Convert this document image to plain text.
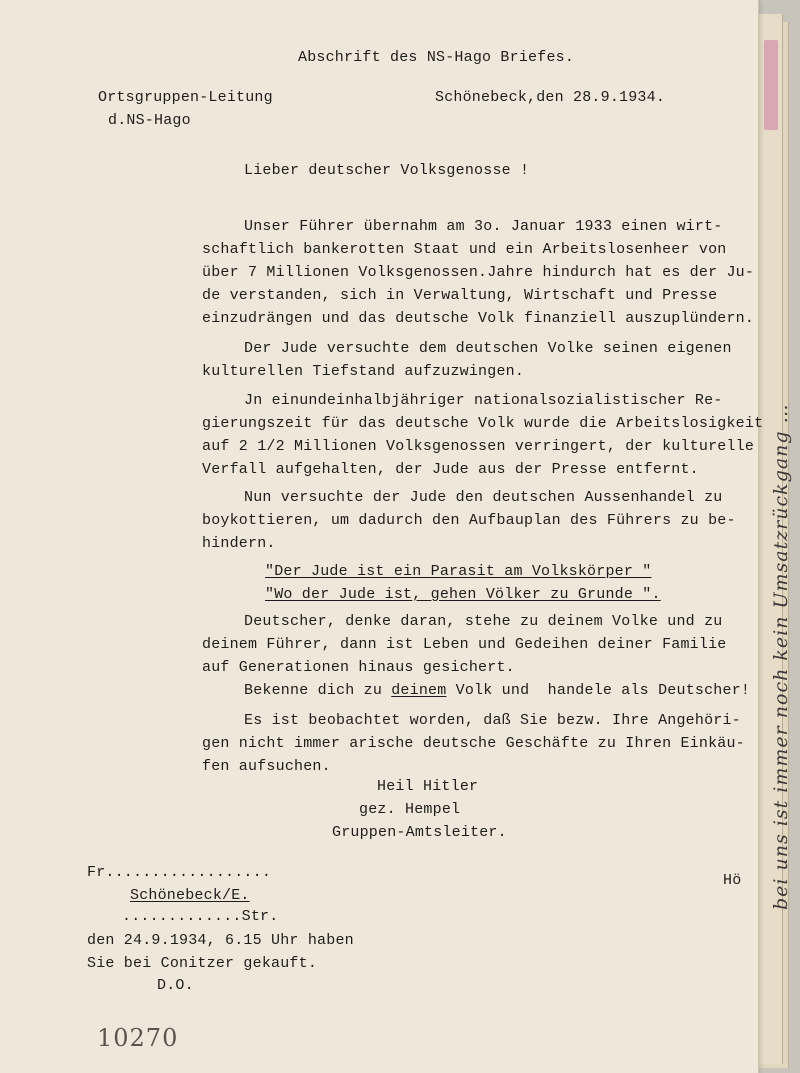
Abschrift des NS-Hago Briefes.
Ortsgruppen-Leitung
d.NS-Hago
Schönebeck,den 28.9.1934.
Lieber deutscher Volksgenosse !
Unser Führer übernahm am 3o. Januar 1933 einen wirt-
schaftlich bankerotten Staat und ein Arbeitslosenheer von
über 7 Millionen Volksgenossen.Jahre hindurch hat es der Ju-
de verstanden, sich in Verwaltung, Wirtschaft und Presse
einzudrängen und das deutsche Volk finanziell auszuplündern.
Der Jude versuchte dem deutschen Volke seinen eigenen
kulturellen Tiefstand aufzuzwingen.
Jn einundeinhalbjähriger nationalsozialistischer Re-
gierungszeit für das deutsche Volk wurde die Arbeitslosigkeit
auf 2 1/2 Millionen Volksgenossen verringert, der kulturelle
Verfall aufgehalten, der Jude aus der Presse entfernt.
Nun versuchte der Jude den deutschen Aussenhandel zu
boykottieren, um dadurch den Aufbauplan des Führers zu be-
hindern.
"Der Jude ist ein Parasit am Volkskörper "
"Wo der Jude ist, gehen Völker zu Grunde ".
Deutscher, denke daran, stehe zu deinem Volke und zu
deinem Führer, dann ist Leben und Gedeihen deiner Familie
auf Generationen hinaus gesichert.
Bekenne dich zu deinem Volk und  handele als Deutscher!
Es ist beobachtet worden, daß Sie bezw. Ihre Angehöri-
gen nicht immer arische deutsche Geschäfte zu Ihren Einkäu-
fen aufsuchen.
Heil Hitler
gez. Hempel
Gruppen-Amtsleiter.
Fr..................
Schönebeck/E.
.............Str.
den 24.9.1934, 6.15 Uhr haben
Sie bei Conitzer gekauft.
D.O.
Hö
10270
bei uns ist immer noch kein Umsatzrückgang …
